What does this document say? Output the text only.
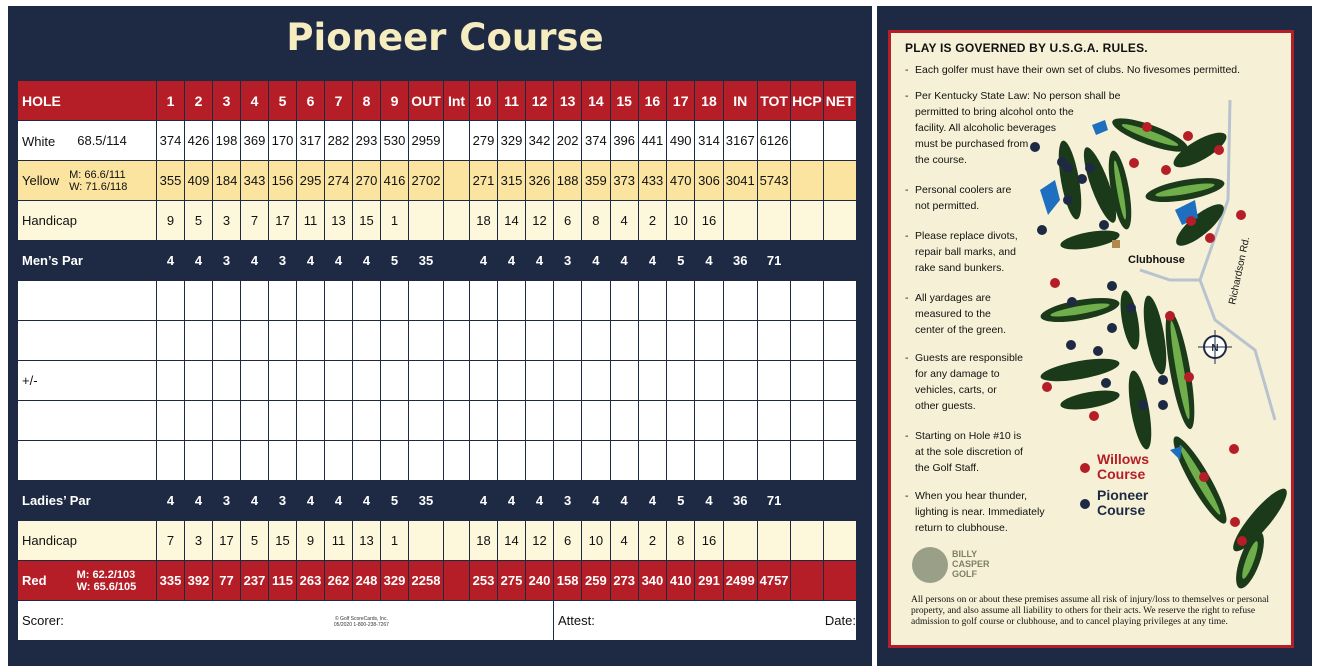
Pioneer Course
HOLE	1	2	3	4	5	6	7	8	9	OUT	Int	10	11	12	13	14	15	16	17	18	IN	TOT	HCP	NET
White 68.5/114	374	426	198	369	170	317	282	293	530	2959		279	329	342	202	374	396	441	490	314	3167	6126		
Yellow M: 66.6/111
W: 71.6/118	355	409	184	343	156	295	274	270	416	2702		271	315	326	188	359	373	433	470	306	3041	5743		
Handicap	9	5	3	7	17	11	13	15	1			18	14	12	6	8	4	2	10	16				
Men’s Par	4	4	3	4	3	4	4	4	5	35		4	4	4	3	4	4	4	5	4	36	71		

+/-																								

Ladies’ Par	4	4	3	4	3	4	4	4	5	35		4	4	4	3	4	4	4	5	4	36	71		
Handicap	7	3	17	5	15	9	11	13	1			18	14	12	6	10	4	2	8	16				
Red M: 62.2/103
W: 65.6/105	335	392	77	237	115	263	262	248	329	2258		253	275	240	158	259	273	340	410	291	2499	4757		
Scorer: © Golf ScoreCards, Inc.
05/2020 1-800-238-7267															Attest: Date:									
PLAY IS GOVERNED BY U.S.G.A. RULES.
- Each golfer must have their own set of clubs. No fivesomes permitted.
- Per Kentucky State Law: No person shall be
permitted to bring alcohol onto the
facility. All alcoholic beverages
must be purchased from
the course.
- Personal coolers are
not permitted.
- Please replace divots,
repair ball marks, and
rake sand bunkers.
- All yardages are
measured to the
center of the green.
- Guests are responsible
for any damage to
vehicles, carts, or
other guests.
- Starting on Hole #10 is
at the sole discretion of
the Golf Staff.
- When you hear thunder,
lighting is near. Immediately
return to clubhouse.
All persons on or about these premises assume all risk of injury/loss to themselves or personal property, and also assume all liability to others for their acts. We reserve the right to refuse admission to golf course or clubhouse, and to cancel playing privileges at any time.
Clubhouse	Richardson Rd.
N
Willows
Course
Pioneer
Course
BILLY
CASPER
GOLF
